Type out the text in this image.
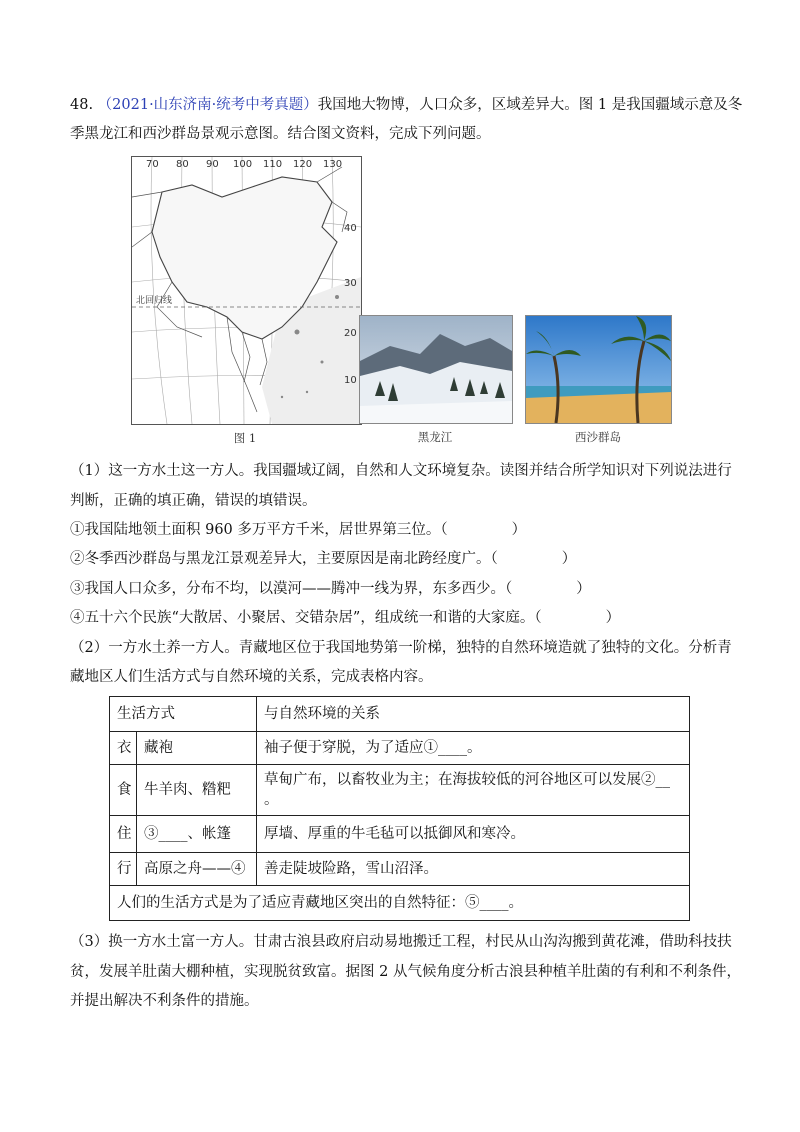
48. （2021·山东济南·统考中考真题）我国地大物博，人口众多，区域差异大。图 1 是我国疆域示意及冬
季黑龙江和西沙群岛景观示意图。结合图文资料，完成下列问题。
70 80 90 100 110 120 130
40
30
20
10
北回归线
图 1	黑龙江	西沙群岛
（1）这一方水土这一方人。我国疆域辽阔，自然和人文环境复杂。读图并结合所学知识对下列说法进行
判断，正确的填正确，错误的填错误。
①我国陆地领土面积 960 多万平方千米，居世界第三位。（	）
②冬季西沙群岛与黑龙江景观差异大，主要原因是南北跨经度广。（	）
③我国人口众多，分布不均，以漠河——腾冲一线为界，东多西少。（	）
④五十六个民族“大散居、小聚居、交错杂居”，组成统一和谐的大家庭。（	）
（2）一方水土养一方人。青藏地区位于我国地势第一阶梯，独特的自然环境造就了独特的文化。分析青
藏地区人们生活方式与自然环境的关系，完成表格内容。
生活方式		与自然环境的关系
衣	藏袍	袖子便于穿脱，为了适应①____。
食	牛羊肉、糌粑	草甸广布，以畜牧业为主；在海拔较低的河谷地区可以发展②__
。

住	③____、帐篷	厚墙、厚重的牛毛毡可以抵御风和寒冷。
行	高原之舟——④	善走陡坡险路，雪山沼泽。
人们的生活方式是为了适应青藏地区突出的自然特征：⑤____。		
（3）换一方水土富一方人。甘肃古浪县政府启动易地搬迁工程，村民从山沟沟搬到黄花滩，借助科技扶
贫，发展羊肚菌大棚种植，实现脱贫致富。据图 2 从气候角度分析古浪县种植羊肚菌的有利和不利条件，
并提出解决不利条件的措施。
